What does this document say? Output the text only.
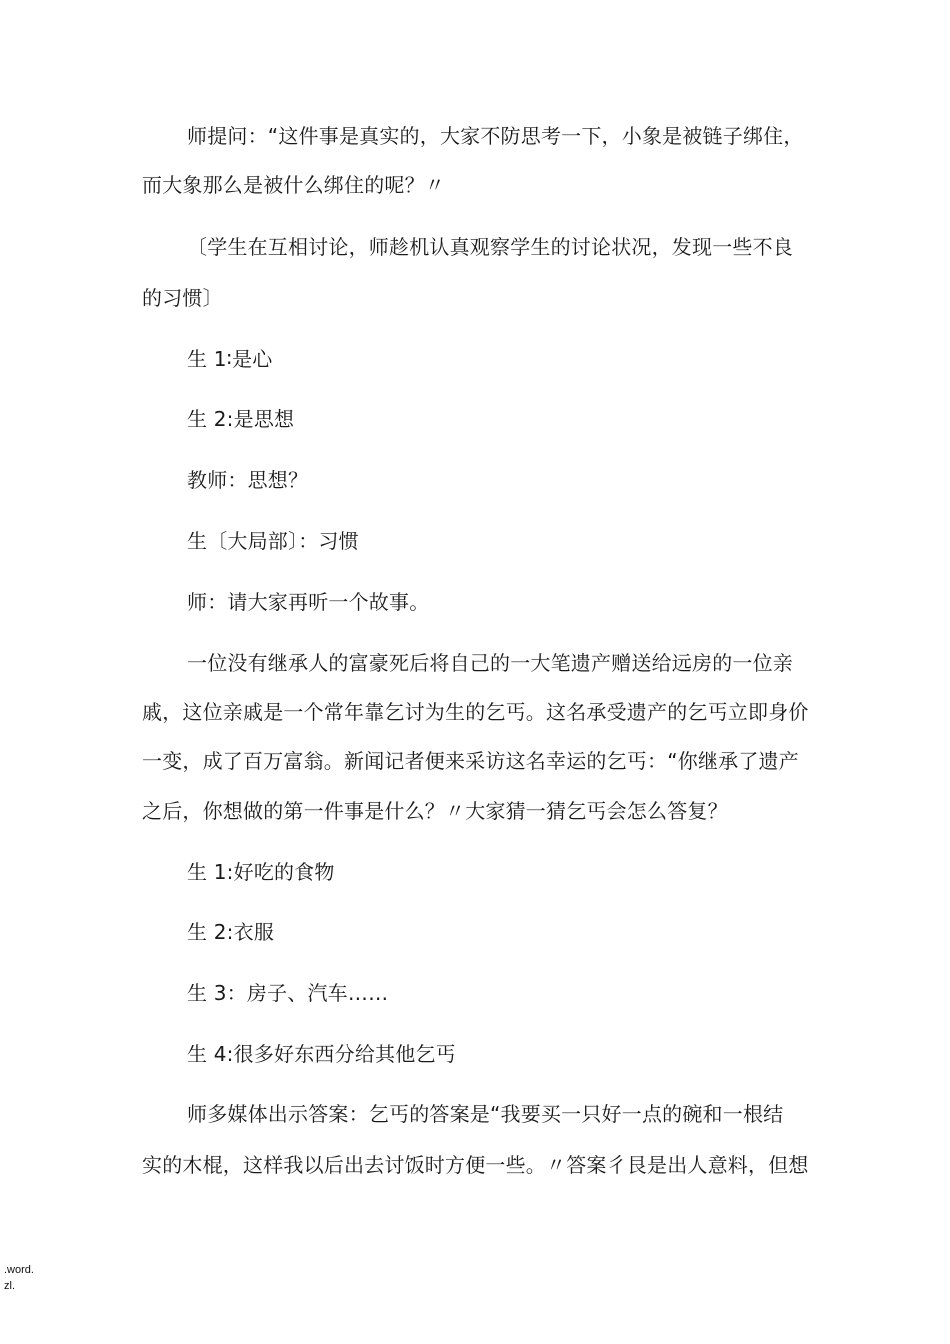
师提问：“这件事是真实的，大家不防思考一下，小象是被链子绑住，
而大象那么是被什么绑住的呢？〃
〔学生在互相讨论，师趁机认真观察学生的讨论状况，发现一些不良
的习惯〕
生 1∶是心
生 2:是思想
教师：思想？
生〔大局部〕：习惯
师：请大家再听一个故事。
一位没有继承人的富豪死后将自己的一大笔遗产赠送给远房的一位亲
戚，这位亲戚是一个常年靠乞讨为生的乞丐。这名承受遗产的乞丐立即身价
一变，成了百万富翁。新闻记者便来采访这名幸运的乞丐：“你继承了遗产
之后，你想做的第一件事是什么？〃大家猜一猜乞丐会怎么答复？
生 1:好吃的食物
生 2:衣服
生 3：房子、汽车……
生 4:很多好东西分给其他乞丐
师多媒体出示答案：乞丐的答案是“我要买一只好一点的碗和一根结
实的木棍，这样我以后出去讨饭时方便一些。〃答案彳艮是出人意料，但想
.word.
zl.
